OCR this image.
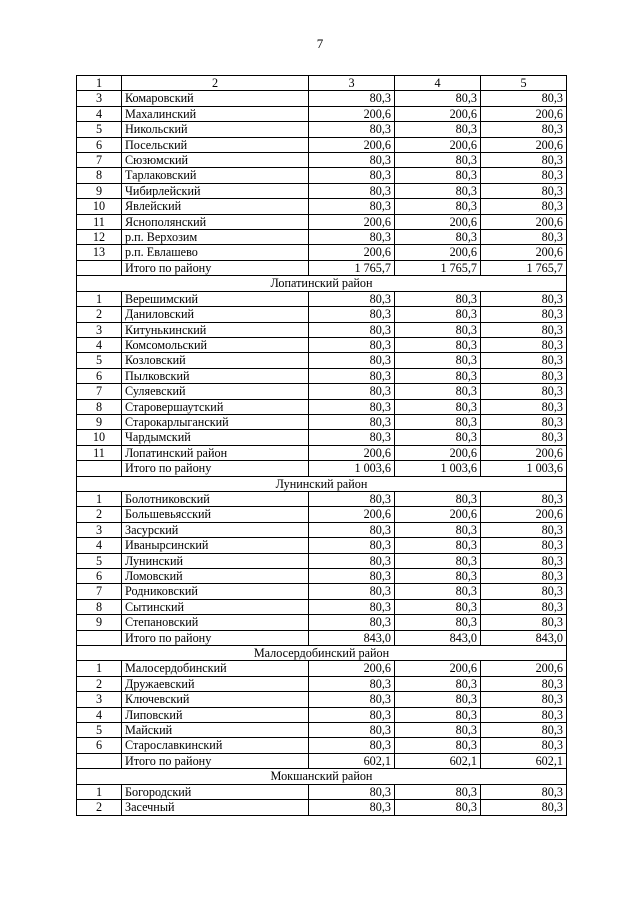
7
1	2	3	4	5
3	Комаровский	80,3	80,3	80,3
4	Махалинский	200,6	200,6	200,6
5	Никольский	80,3	80,3	80,3
6	Посельский	200,6	200,6	200,6
7	Сюзюмский	80,3	80,3	80,3
8	Тарлаковский	80,3	80,3	80,3
9	Чибирлейский	80,3	80,3	80,3
10	Явлейский	80,3	80,3	80,3
11	Яснополянский	200,6	200,6	200,6
12	р.п. Верхозим	80,3	80,3	80,3
13	р.п. Евлашево	200,6	200,6	200,6
	Итого по району	1 765,7	1 765,7	1 765,7
Лопатинский район				
1	Верешимский	80,3	80,3	80,3
2	Даниловский	80,3	80,3	80,3
3	Китунькинский	80,3	80,3	80,3
4	Комсомольский	80,3	80,3	80,3
5	Козловский	80,3	80,3	80,3
6	Пылковский	80,3	80,3	80,3
7	Суляевский	80,3	80,3	80,3
8	Старовершаутский	80,3	80,3	80,3
9	Старокарлыганский	80,3	80,3	80,3
10	Чардымский	80,3	80,3	80,3
11	Лопатинский район	200,6	200,6	200,6
	Итого по району	1 003,6	1 003,6	1 003,6
Лунинский район				
1	Болотниковский	80,3	80,3	80,3
2	Большевьясский	200,6	200,6	200,6
3	Засурский	80,3	80,3	80,3
4	Иванырсинский	80,3	80,3	80,3
5	Лунинский	80,3	80,3	80,3
6	Ломовский	80,3	80,3	80,3
7	Родниковский	80,3	80,3	80,3
8	Сытинский	80,3	80,3	80,3
9	Степановский	80,3	80,3	80,3
	Итого по району	843,0	843,0	843,0
Малосердобинский район				
1	Малосердобинский	200,6	200,6	200,6
2	Дружаевский	80,3	80,3	80,3
3	Ключевский	80,3	80,3	80,3
4	Липовский	80,3	80,3	80,3
5	Майский	80,3	80,3	80,3
6	Старославкинский	80,3	80,3	80,3
	Итого по району	602,1	602,1	602,1
Мокшанский район				
1	Богородский	80,3	80,3	80,3
2	Засечный	80,3	80,3	80,3
